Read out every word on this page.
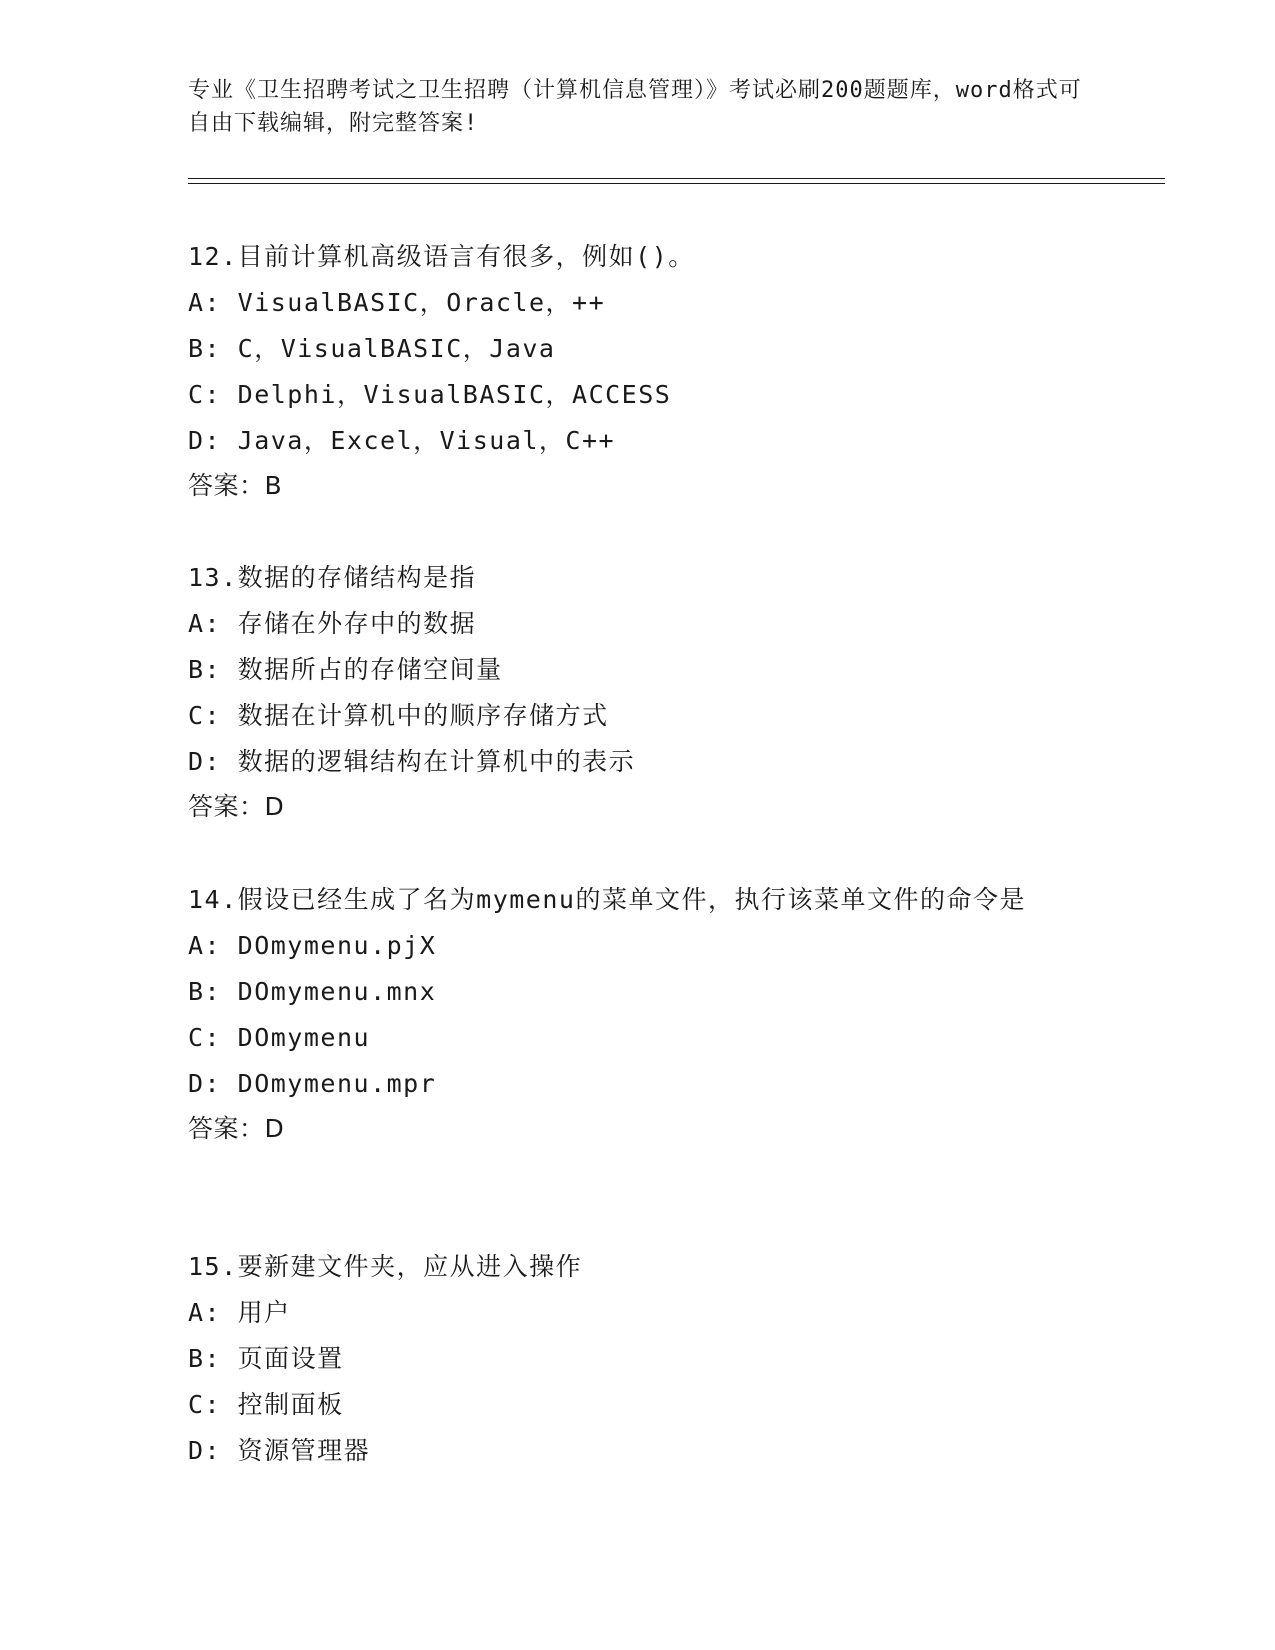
专业《卫生招聘考试之卫生招聘（计算机信息管理）》考试必刷200题题库，word格式可自由下载编辑，附完整答案!
12.目前计算机高级语言有很多，例如()。
A: VisualBASIC，Oracle，++
B: C，VisualBASIC，Java
C: Delphi，VisualBASIC，ACCESS
D: Java，Excel，Visual，C++
答案：B
13.数据的存储结构是指
A: 存储在外存中的数据
B: 数据所占的存储空间量
C: 数据在计算机中的顺序存储方式
D: 数据的逻辑结构在计算机中的表示
答案：D
14.假设已经生成了名为mymenu的菜单文件，执行该菜单文件的命令是
A: DOmymenu.pjX
B: DOmymenu.mnx
C: DOmymenu
D: DOmymenu.mpr
答案：D
15.要新建文件夹，应从进入操作
A: 用户
B: 页面设置
C: 控制面板
D: 资源管理器
